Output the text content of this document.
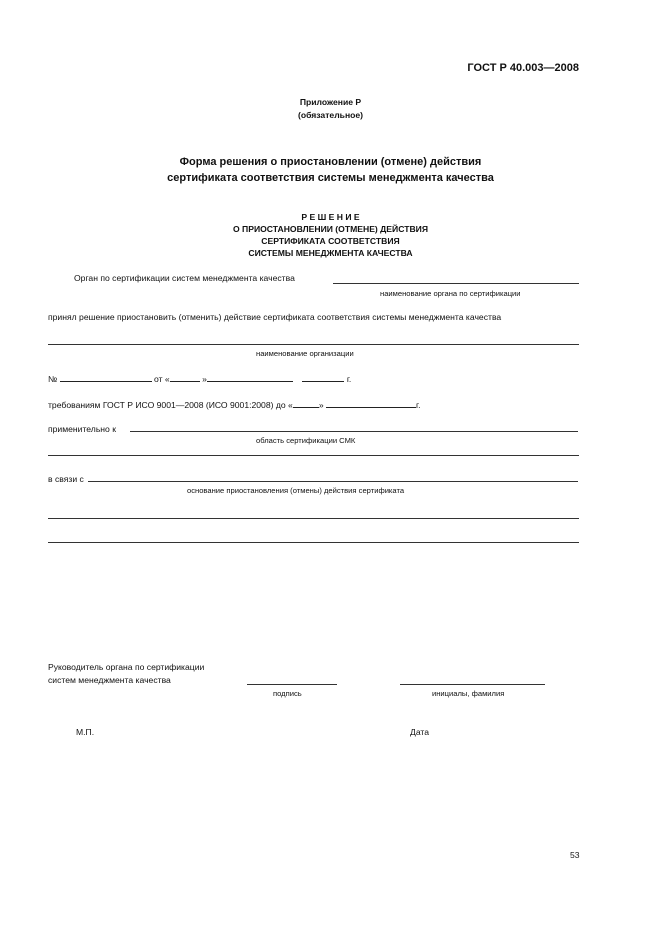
ГОСТ Р 40.003—2008
Приложение Р
(обязательное)
Форма решения о приостановлении (отмене) действия
сертификата соответствия системы менеджмента качества
Р Е Ш Е Н И Е
О ПРИОСТАНОВЛЕНИИ (ОТМЕНЕ) ДЕЙСТВИЯ
СЕРТИФИКАТА СООТВЕТСТВИЯ
СИСТЕМЫ МЕНЕДЖМЕНТА КАЧЕСТВА
Орган по сертификации систем менеджмента качества
наименование органа по сертификации
принял решение приостановить (отменить) действие сертификата соответствия системы менеджмента качества
наименование организации
№	от «	»	г.
требованиям ГОСТ Р ИСО 9001—2008 (ИСО 9001:2008) до «	»	г.
применительно к
область сертификации СМК
в связи с
основание приостановления (отмены) действия сертификата
Руководитель органа по сертификации
систем менеджмента качества
подпись	инициалы, фамилия
М.П.	Дата
53
